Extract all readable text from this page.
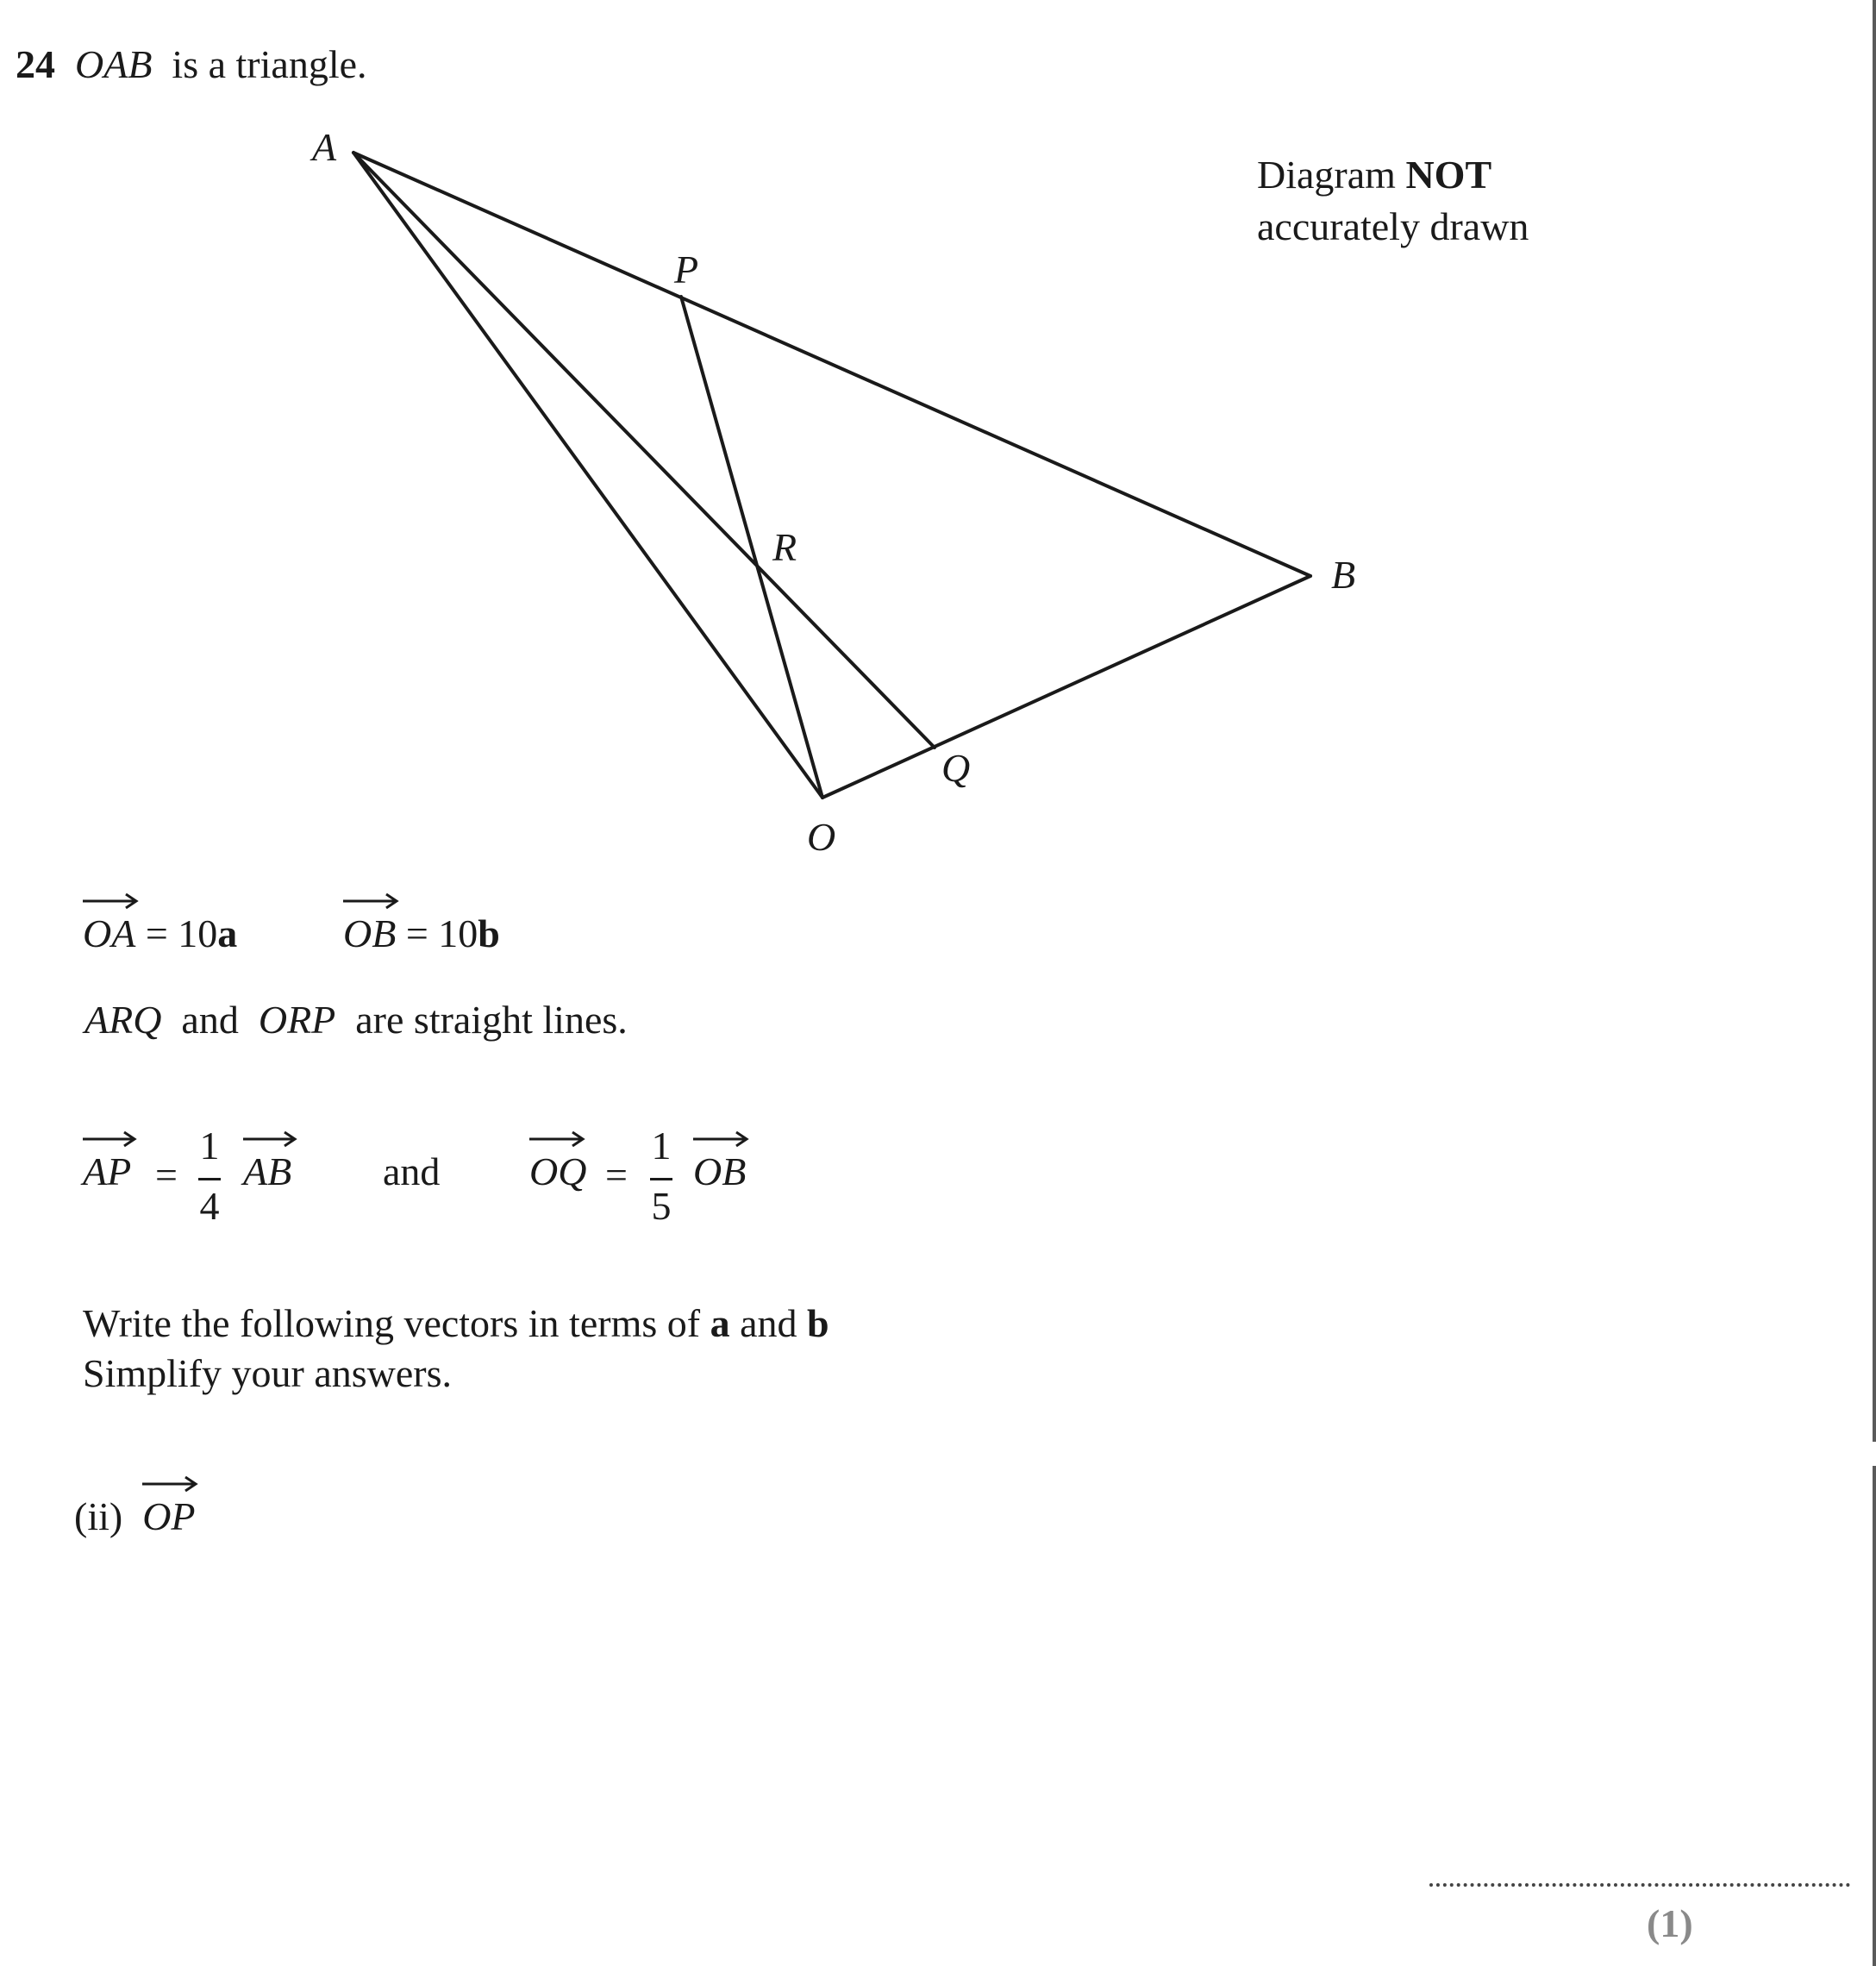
24 OAB is a triangle.
A
P
R
B
Q
O
Diagram NOT
accurately drawn
OA = 10a	OB = 10b
ARQ and ORP are straight lines.
AP =
1
4
AB and OQ =
1
5
OB
Write the following vectors in terms of a and b
Simplify your answers.
(ii) OP
(1)
